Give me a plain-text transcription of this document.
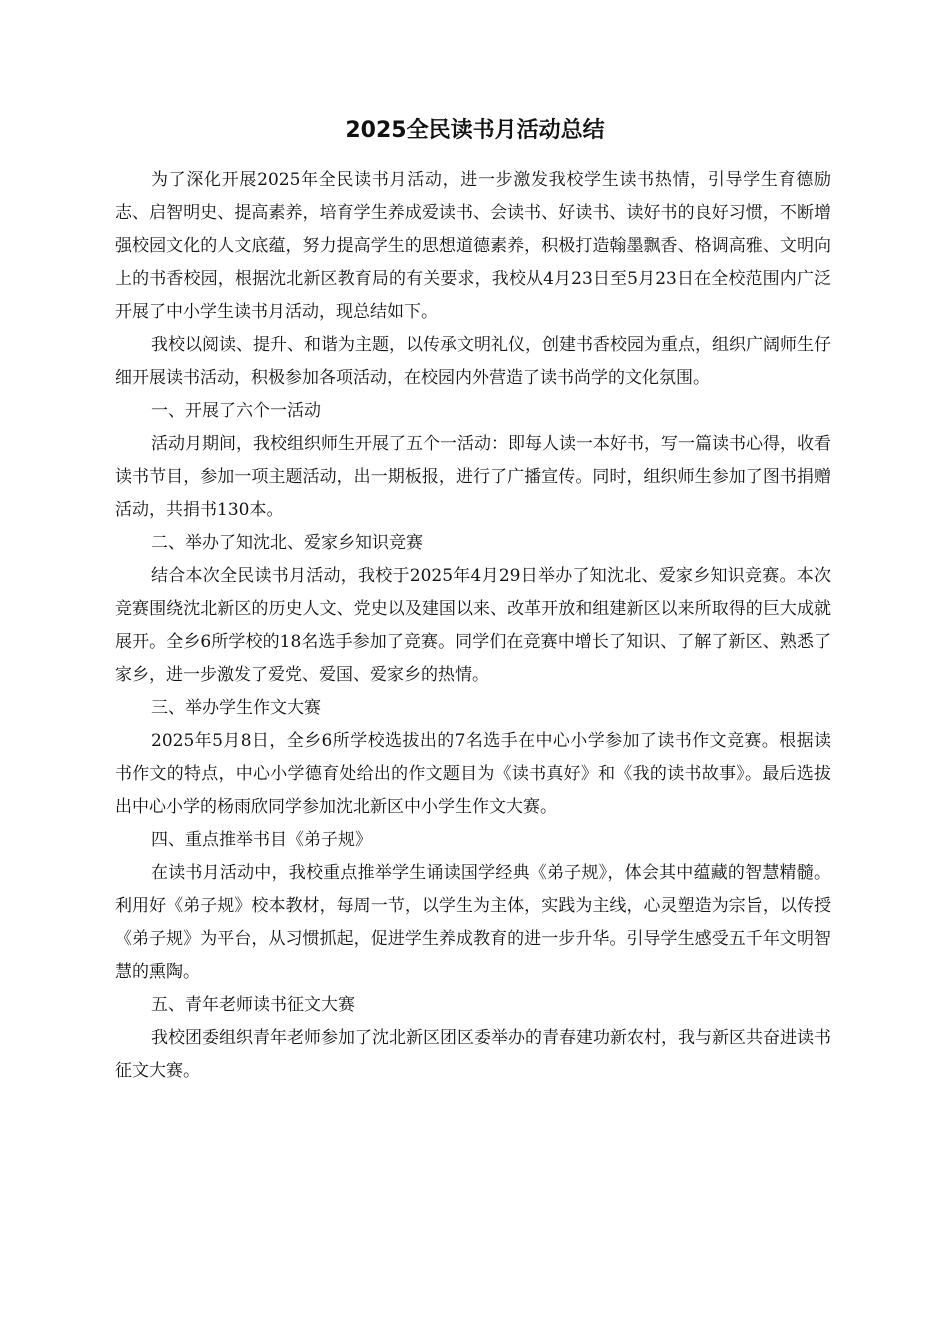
2025全民读书月活动总结

为了深化开展2025年全民读书月活动，进一步激发我校学生读书热情，引导学生育德励志、启智明史、提高素养，培育学生养成爱读书、会读书、好读书、读好书的良好习惯，不断增强校园文化的人文底蕴，努力提高学生的思想道德素养，积极打造翰墨飘香、格调高雅、文明向上的书香校园，根据沈北新区教育局的有关要求，我校从4月23日至5月23日在全校范围内广泛开展了中小学生读书月活动，现总结如下。

我校以阅读、提升、和谐为主题，以传承文明礼仪，创建书香校园为重点，组织广阔师生仔细开展读书活动，积极参加各项活动，在校园内外营造了读书尚学的文化氛围。

一、开展了六个一活动

活动月期间，我校组织师生开展了五个一活动：即每人读一本好书，写一篇读书心得，收看读书节目，参加一项主题活动，出一期板报，进行了广播宣传。同时，组织师生参加了图书捐赠活动，共捐书130本。

二、举办了知沈北、爱家乡知识竞赛

结合本次全民读书月活动，我校于2025年4月29日举办了知沈北、爱家乡知识竞赛。本次竞赛围绕沈北新区的历史人文、党史以及建国以来、改革开放和组建新区以来所取得的巨大成就展开。全乡6所学校的18名选手参加了竞赛。同学们在竞赛中增长了知识、了解了新区、熟悉了家乡，进一步激发了爱党、爱国、爱家乡的热情。

三、举办学生作文大赛

2025年5月8日，全乡6所学校选拔出的7名选手在中心小学参加了读书作文竞赛。根据读书作文的特点，中心小学德育处给出的作文题目为《读书真好》和《我的读书故事》。最后选拔出中心小学的杨雨欣同学参加沈北新区中小学生作文大赛。

四、重点推举书目《弟子规》

在读书月活动中，我校重点推举学生诵读国学经典《弟子规》，体会其中蕴藏的智慧精髓。利用好《弟子规》校本教材，每周一节，以学生为主体，实践为主线，心灵塑造为宗旨，以传授《弟子规》为平台，从习惯抓起，促进学生养成教育的进一步升华。引导学生感受五千年文明智慧的熏陶。

五、青年老师读书征文大赛

我校团委组织青年老师参加了沈北新区团区委举办的青春建功新农村，我与新区共奋进读书征文大赛。
